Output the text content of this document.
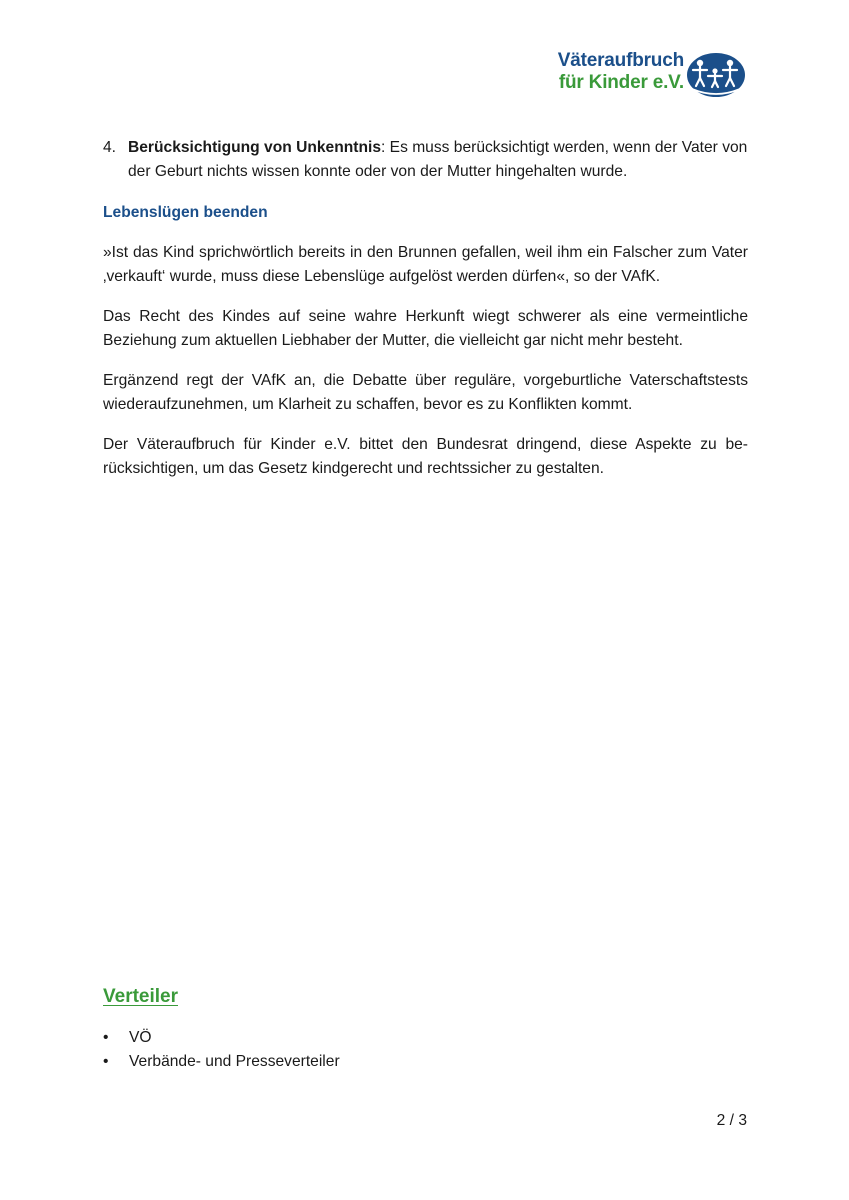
Väteraufbruch
für Kinder e.V.
4. Berücksichtigung von Unkenntnis: Es muss berücksichtigt werden, wenn der Vater von der Geburt nichts wissen konnte oder von der Mutter hingehalten wurde.

Lebenslügen beenden

»Ist das Kind sprichwörtlich bereits in den Brunnen gefallen, weil ihm ein Falscher zum Vater ‚verkauft‘ wurde, muss diese Lebenslüge aufgelöst werden dürfen«, so der VAfK.

Das Recht des Kindes auf seine wahre Herkunft wiegt schwerer als eine vermeintliche Beziehung zum aktuellen Liebhaber der Mutter, die vielleicht gar nicht mehr besteht.

Ergänzend regt der VAfK an, die Debatte über reguläre, vorgeburtliche Vaterschaftstests wiederaufzunehmen, um Klarheit zu schaffen, bevor es zu Konflikten kommt.

Der Väteraufbruch für Kinder e.V. bittet den Bundesrat dringend, diese Aspekte zu berücksichtigen, um das Gesetz kindgerecht und rechtssicher zu gestalten.

Verteiler
•	VÖ
•	Verbände- und Presseverteiler
2 / 3
